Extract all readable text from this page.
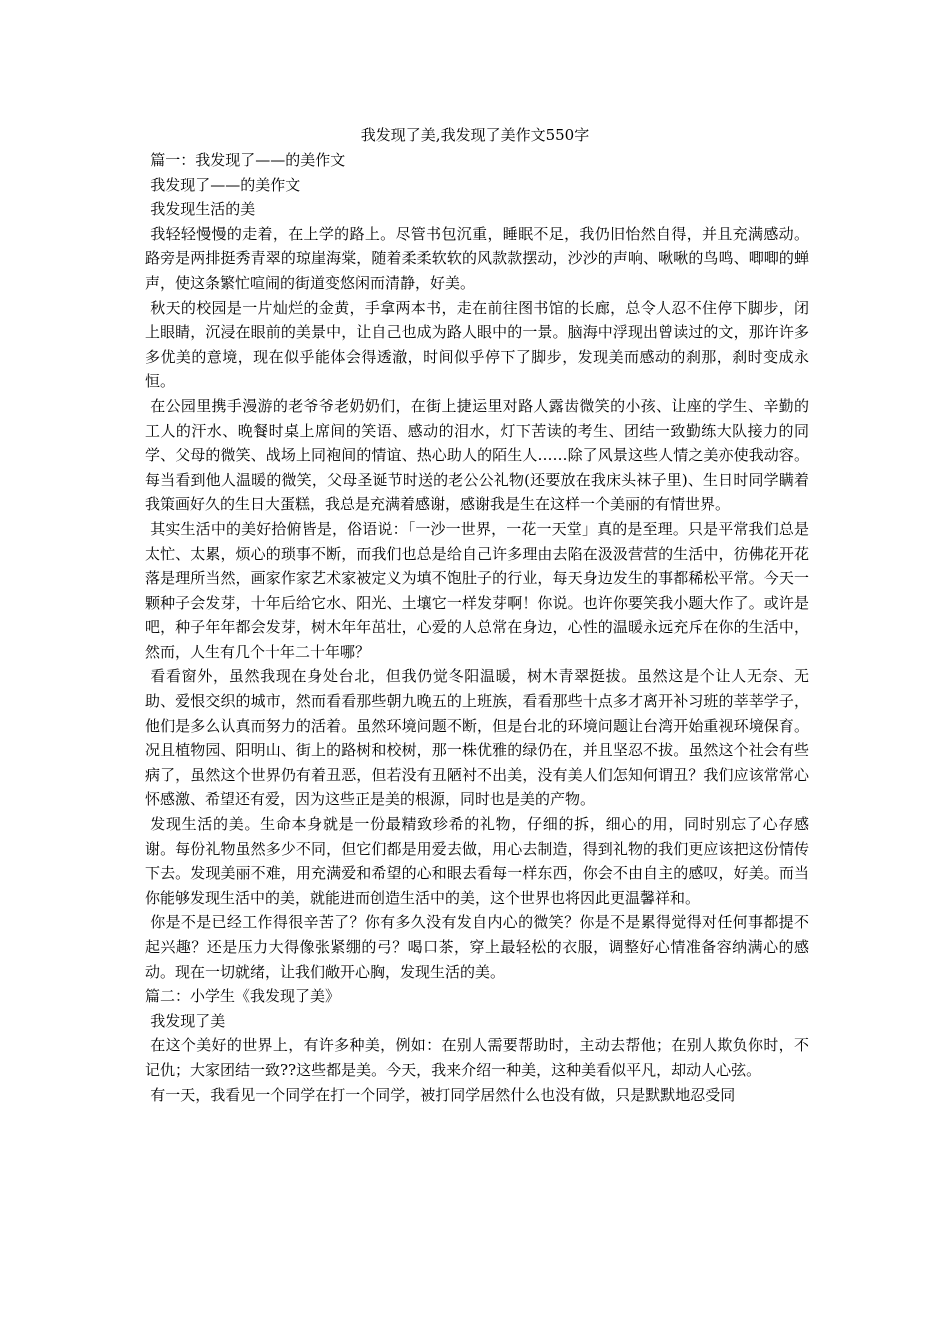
我发现了美,我发现了美作文550字

篇一：我发现了——的美作文

我发现了——的美作文

我发现生活的美

我轻轻慢慢的走着，在上学的路上。尽管书包沉重，睡眠不足，我仍旧怡然自得，并且充满感动。路旁是两排挺秀青翠的琼崖海棠，随着柔柔软软的风款款摆动，沙沙的声响、啾啾的鸟鸣、唧唧的蝉声，使这条繁忙喧闹的街道变悠闲而清静，好美。

秋天的校园是一片灿烂的金黄，手拿两本书，走在前往图书馆的长廊，总令人忍不住停下脚步，闭上眼睛，沉浸在眼前的美景中，让自己也成为路人眼中的一景。脑海中浮现出曾读过的文，那许许多多优美的意境，现在似乎能体会得透澈，时间似乎停下了脚步，发现美而感动的刹那，刹时变成永恒。

在公园里携手漫游的老爷爷老奶奶们，在街上捷运里对路人露齿微笑的小孩、让座的学生、辛勤的工人的汗水、晚餐时桌上席间的笑语、感动的泪水，灯下苦读的考生、团结一致勤练大队接力的同学、父母的微笑、战场上同袍间的情谊、热心助人的陌生人……除了风景这些人情之美亦使我动容。每当看到他人温暖的微笑，父母圣诞节时送的老公公礼物(还要放在我床头袜子里)、生日时同学瞒着我策画好久的生日大蛋糕，我总是充满着感谢，感谢我是生在这样一个美丽的有情世界。

其实生活中的美好拾俯皆是，俗语说：「一沙一世界，一花一天堂」真的是至理。只是平常我们总是太忙、太累，烦心的琐事不断，而我们也总是给自己许多理由去陷在汲汲营营的生活中，彷佛花开花落是理所当然，画家作家艺术家被定义为填不饱肚子的行业，每天身边发生的事都稀松平常。今天一颗种子会发芽，十年后给它水、阳光、土壤它一样发芽啊！你说。也许你要笑我小题大作了。或许是吧，种子年年都会发芽，树木年年茁壮，心爱的人总常在身边，心性的温暖永远充斥在你的生活中，然而，人生有几个十年二十年哪？

看看窗外，虽然我现在身处台北，但我仍觉冬阳温暖，树木青翠挺拔。虽然这是个让人无奈、无助、爱恨交织的城市，然而看看那些朝九晚五的上班族，看看那些十点多才离开补习班的莘莘学子，他们是多么认真而努力的活着。虽然环境问题不断，但是台北的环境问题让台湾开始重视环境保育。况且植物园、阳明山、街上的路树和校树，那一株优雅的绿仍在，并且坚忍不拔。虽然这个社会有些病了，虽然这个世界仍有着丑恶，但若没有丑陋衬不出美，没有美人们怎知何谓丑？我们应该常常心怀感激、希望还有爱，因为这些正是美的根源，同时也是美的产物。

发现生活的美。生命本身就是一份最精致珍希的礼物，仔细的拆，细心的用，同时别忘了心存感谢。每份礼物虽然多少不同，但它们都是用爱去做，用心去制造，得到礼物的我们更应该把这份情传下去。发现美丽不难，用充满爱和希望的心和眼去看每一样东西，你会不由自主的感叹，好美。而当你能够发现生活中的美，就能进而创造生活中的美，这个世界也将因此更温馨祥和。

你是不是已经工作得很辛苦了？你有多久没有发自内心的微笑？你是不是累得觉得对任何事都提不起兴趣？还是压力大得像张紧绷的弓？喝口茶，穿上最轻松的衣服，调整好心情准备容纳满心的感动。现在一切就绪，让我们敞开心胸，发现生活的美。

篇二：小学生《我发现了美》

我发现了美

在这个美好的世界上，有许多种美，例如：在别人需要帮助时，主动去帮他；在别人欺负你时，不记仇；大家团结一致??这些都是美。今天，我来介绍一种美，这种美看似平凡，却动人心弦。

有一天，我看见一个同学在打一个同学，被打同学居然什么也没有做，只是默默地忍受同
